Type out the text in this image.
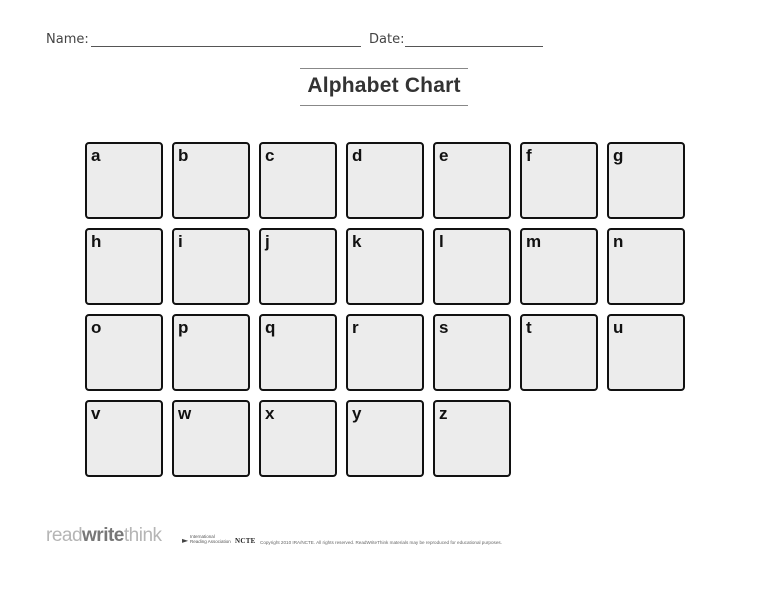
Name:	Date:
Alphabet Chart
a	b	c	d	e	f	g
h	i	j	k	l	m	n
o	p	q	r	s	t	u
v	w	x	y	z
readwritethink	► International
Reading Association NCTE Copyright 2010 IRA/NCTE. All rights reserved. ReadWriteThink materials may be reproduced for educational purposes.
